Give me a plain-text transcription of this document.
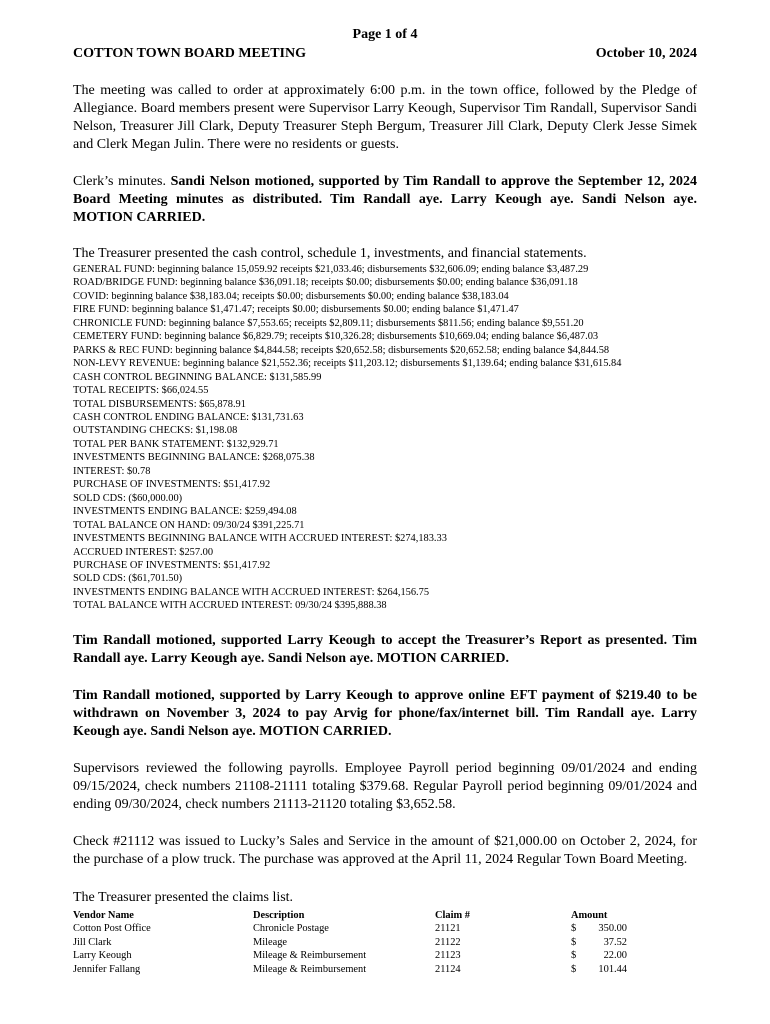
Page 1 of 4
COTTON TOWN BOARD MEETING	October 10, 2024

The meeting was called to order at approximately 6:00 p.m. in the town office, followed by the Pledge of Allegiance. Board members present were Supervisor Larry Keough, Supervisor Tim Randall, Supervisor Sandi Nelson, Treasurer Jill Clark, Deputy Treasurer Steph Bergum, Treasurer Jill Clark, Deputy Clerk Jesse Simek and Clerk Megan Julin. There were no residents or guests.

Clerk’s minutes. Sandi Nelson motioned, supported by Tim Randall to approve the September 12, 2024 Board Meeting minutes as distributed. Tim Randall aye. Larry Keough aye. Sandi Nelson aye. MOTION CARRIED.

The Treasurer presented the cash control, schedule 1, investments, and financial statements.

GENERAL FUND: beginning balance 15,059.92 receipts $21,033.46; disbursements $32,606.09; ending balance $3,487.29
ROAD/BRIDGE FUND: beginning balance $36,091.18; receipts $0.00; disbursements $0.00; ending balance $36,091.18
COVID: beginning balance $38,183.04; receipts $0.00; disbursements $0.00; ending balance $38,183.04
FIRE FUND: beginning balance $1,471.47; receipts $0.00; disbursements $0.00; ending balance $1,471.47
CHRONICLE FUND: beginning balance $7,553.65; receipts $2,809.11; disbursements $811.56; ending balance $9,551.20
CEMETERY FUND: beginning balance $6,829.79; receipts $10,326.28; disbursements $10,669.04; ending balance $6,487.03
PARKS & REC FUND: beginning balance $4,844.58; receipts $20,652.58; disbursements $20,652.58; ending balance $4,844.58
NON-LEVY REVENUE: beginning balance $21,552.36; receipts $11,203.12; disbursements $1,139.64; ending balance $31,615.84
CASH CONTROL BEGINNING BALANCE: $131,585.99
TOTAL RECEIPTS: $66,024.55
TOTAL DISBURSEMENTS: $65,878.91
CASH CONTROL ENDING BALANCE: $131,731.63
OUTSTANDING CHECKS: $1,198.08
TOTAL PER BANK STATEMENT: $132,929.71
INVESTMENTS BEGINNING BALANCE: $268,075.38
INTEREST: $0.78
PURCHASE OF INVESTMENTS: $51,417.92
SOLD CDS: ($60,000.00)
INVESTMENTS ENDING BALANCE: $259,494.08
TOTAL BALANCE ON HAND: 09/30/24 $391,225.71
INVESTMENTS BEGINNING BALANCE WITH ACCRUED INTEREST: $274,183.33
ACCRUED INTEREST: $257.00
PURCHASE OF INVESTMENTS: $51,417.92
SOLD CDS: ($61,701.50)
INVESTMENTS ENDING BALANCE WITH ACCRUED INTEREST: $264,156.75
TOTAL BALANCE WITH ACCRUED INTEREST: 09/30/24 $395,888.38

Tim Randall motioned, supported Larry Keough to accept the Treasurer’s Report as presented. Tim Randall aye. Larry Keough aye. Sandi Nelson aye. MOTION CARRIED.

Tim Randall motioned, supported by Larry Keough to approve online EFT payment of $219.40 to be withdrawn on November 3, 2024 to pay Arvig for phone/fax/internet bill. Tim Randall aye. Larry Keough aye. Sandi Nelson aye. MOTION CARRIED.

Supervisors reviewed the following payrolls. Employee Payroll period beginning 09/01/2024 and ending 09/15/2024, check numbers 21108-21111 totaling $379.68. Regular Payroll period beginning 09/01/2024 and ending 09/30/2024, check numbers 21113-21120 totaling $3,652.58.

Check #21112 was issued to Lucky’s Sales and Service in the amount of $21,000.00 on October 2, 2024, for the purchase of a plow truck. The purchase was approved at the April 11, 2024 Regular Town Board Meeting.

The Treasurer presented the claims list.

Vendor Name	Description	Claim #	Amount
Cotton Post Office	Chronicle Postage	21121	$ 350.00

Jill Clark	Mileage	21122	$ 37.52

Larry Keough	Mileage & Reimbursement	21123	$ 22.00

Jennifer Fallang	Mileage & Reimbursement	21124	$ 101.44
